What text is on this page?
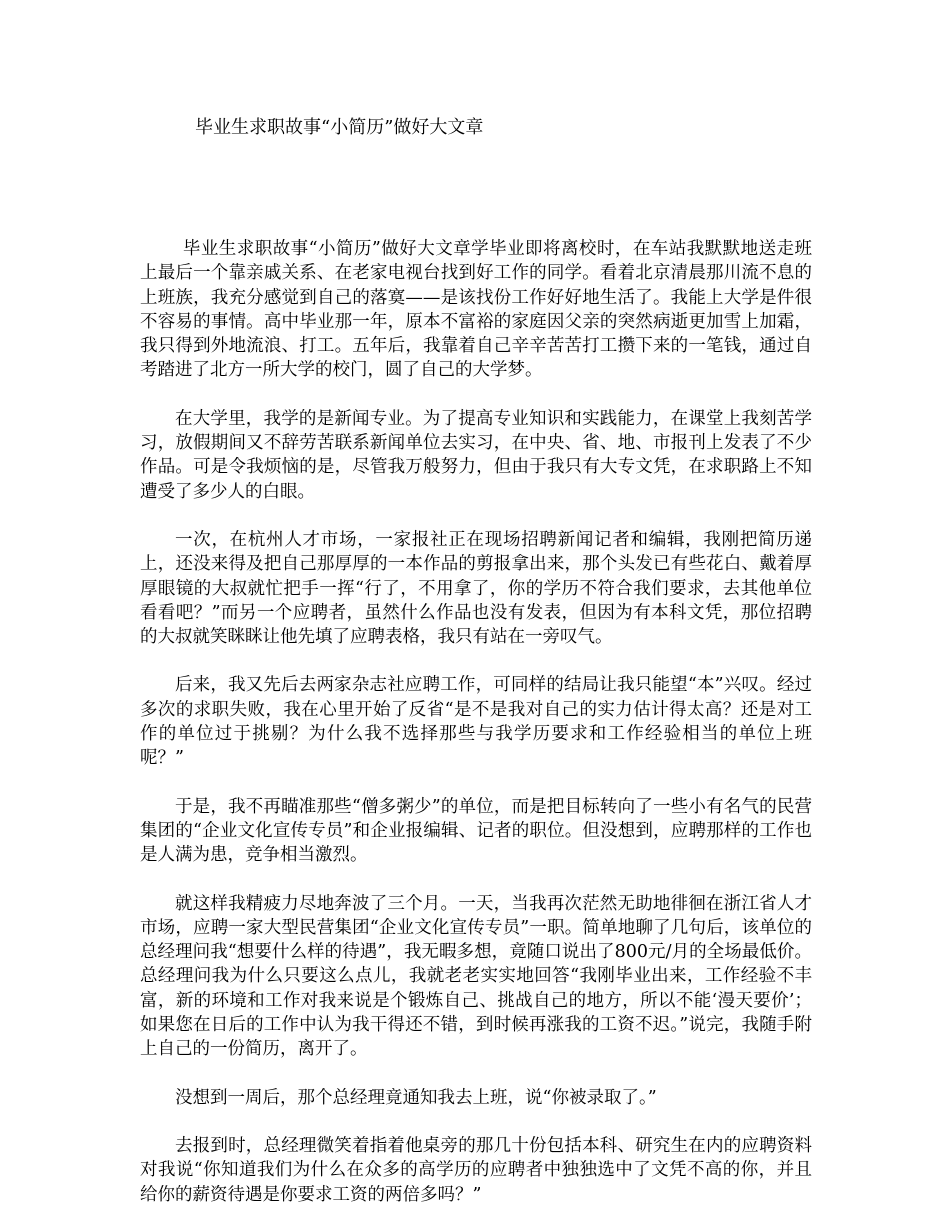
毕业生求职故事“小简历”做好大文章

毕业生求职故事“小简历”做好大文章学毕业即将离校时，在车站我默默地送走班上最后一个靠亲戚关系、在老家电视台找到好工作的同学。看着北京清晨那川流不息的上班族，我充分感觉到自己的落寞——是该找份工作好好地生活了。我能上大学是件很不容易的事情。高中毕业那一年，原本不富裕的家庭因父亲的突然病逝更加雪上加霜，我只得到外地流浪、打工。五年后，我靠着自己辛辛苦苦打工攒下来的一笔钱，通过自考踏进了北方一所大学的校门，圆了自己的大学梦。

在大学里，我学的是新闻专业。为了提高专业知识和实践能力，在课堂上我刻苦学习，放假期间又不辞劳苦联系新闻单位去实习，在中央、省、地、市报刊上发表了不少作品。可是令我烦恼的是，尽管我万般努力，但由于我只有大专文凭，在求职路上不知遭受了多少人的白眼。

一次，在杭州人才市场，一家报社正在现场招聘新闻记者和编辑，我刚把简历递上，还没来得及把自己那厚厚的一本作品的剪报拿出来，那个头发已有些花白、戴着厚厚眼镜的大叔就忙把手一挥“行了，不用拿了，你的学历不符合我们要求，去其他单位看看吧？”而另一个应聘者，虽然什么作品也没有发表，但因为有本科文凭，那位招聘的大叔就笑眯眯让他先填了应聘表格，我只有站在一旁叹气。

后来，我又先后去两家杂志社应聘工作，可同样的结局让我只能望“本”兴叹。经过多次的求职失败，我在心里开始了反省“是不是我对自己的实力估计得太高？还是对工作的单位过于挑剔？为什么我不选择那些与我学历要求和工作经验相当的单位上班呢？”

于是，我不再瞄准那些“僧多粥少”的单位，而是把目标转向了一些小有名气的民营集团的“企业文化宣传专员”和企业报编辑、记者的职位。但没想到，应聘那样的工作也是人满为患，竞争相当激烈。

就这样我精疲力尽地奔波了三个月。一天，当我再次茫然无助地徘徊在浙江省人才市场，应聘一家大型民营集团“企业文化宣传专员”一职。简单地聊了几句后，该单位的总经理问我“想要什么样的待遇”，我无暇多想，竟随口说出了800元/月的全场最低价。总经理问我为什么只要这么点儿，我就老老实实地回答“我刚毕业出来，工作经验不丰富，新的环境和工作对我来说是个锻炼自己、挑战自己的地方，所以不能‘漫天要价’；如果您在日后的工作中认为我干得还不错，到时候再涨我的工资不迟。”说完，我随手附上自己的一份简历，离开了。

没想到一周后，那个总经理竟通知我去上班，说“你被录取了。”

去报到时，总经理微笑着指着他桌旁的那几十份包括本科、研究生在内的应聘资料对我说“你知道我们为什么在众多的高学历的应聘者中独独选中了文凭不高的你，并且给你的薪资待遇是你要求工资的两倍多吗？”
